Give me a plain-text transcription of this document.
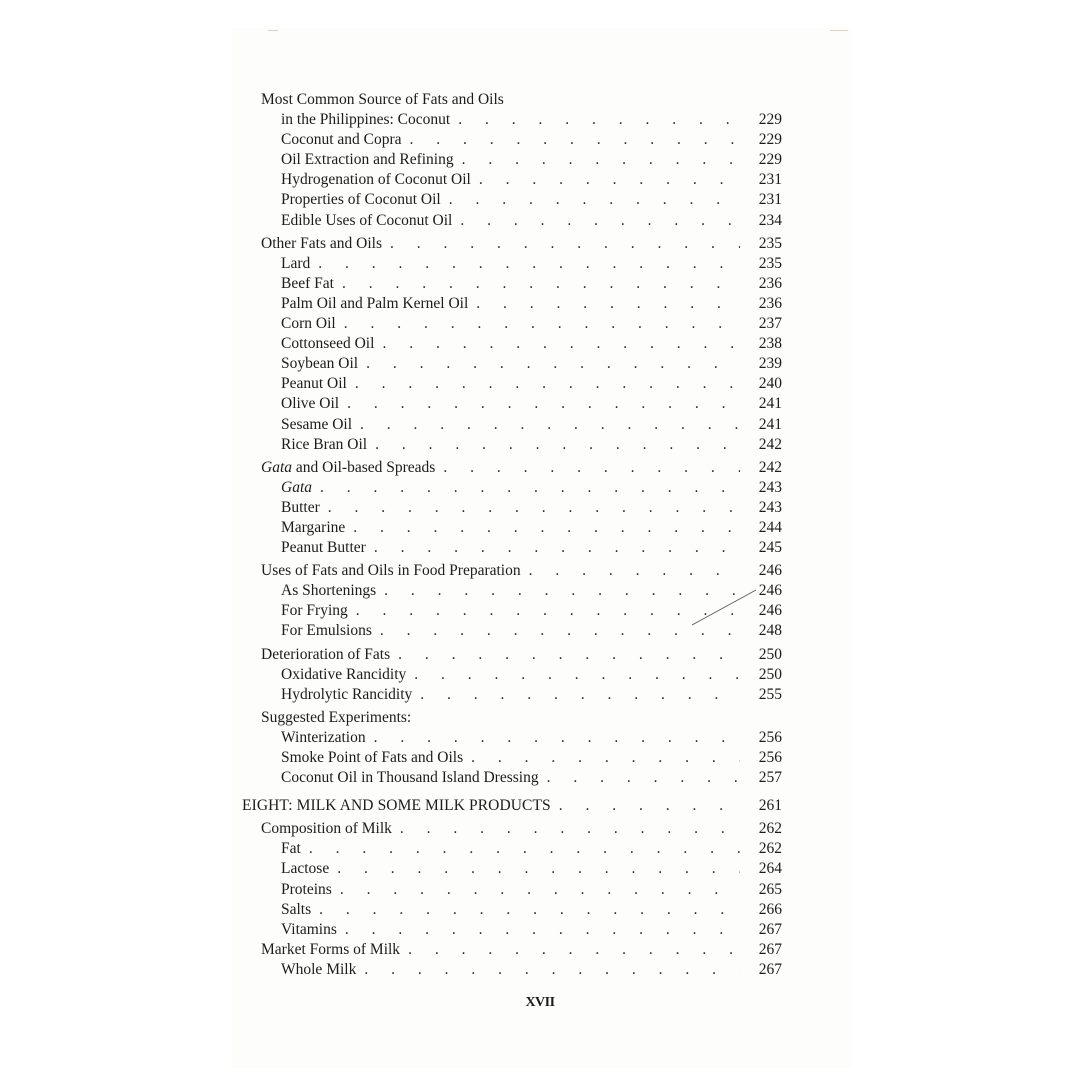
Most Common Source of Fats and Oils
in the Philippines: Coconut . . .	229
Coconut and Copra . . .	229
Oil Extraction and Refining . . .	229
Hydrogenation of Coconut Oil . . .	231
Properties of Coconut Oil . . .	231
Edible Uses of Coconut Oil . . .	234
Other Fats and Oils . . .	235
Lard . . .	235
Beef Fat . . .	236
Palm Oil and Palm Kernel Oil . . .	236
Corn Oil . . .	237
Cottonseed Oil . . .	238
Soybean Oil . . .	239
Peanut Oil . . .	240
Olive Oil . . .	241
Sesame Oil . . .	241
Rice Bran Oil . . .	242
Gata and Oil-based Spreads . . .	242
Gata . . .	243
Butter . . .	243
Margarine . . .	244
Peanut Butter . . .	245
Uses of Fats and Oils in Food Preparation . . .	246
As Shortenings . . .	246
For Frying . . .	246
For Emulsions . . .	248
Deterioration of Fats . . .	250
Oxidative Rancidity . . .	250
Hydrolytic Rancidity . . .	255
Suggested Experiments:
Winterization . . .	256
Smoke Point of Fats and Oils . . .	256
Coconut Oil in Thousand Island Dressing . . .	257
EIGHT: MILK AND SOME MILK PRODUCTS . . .	261
Composition of Milk . . .	262
Fat . . .	262
Lactose . . .	264
Proteins . . .	265
Salts . . .	266
Vitamins . . .	267
Market Forms of Milk . . .	267
Whole Milk . . .	267
XVII
